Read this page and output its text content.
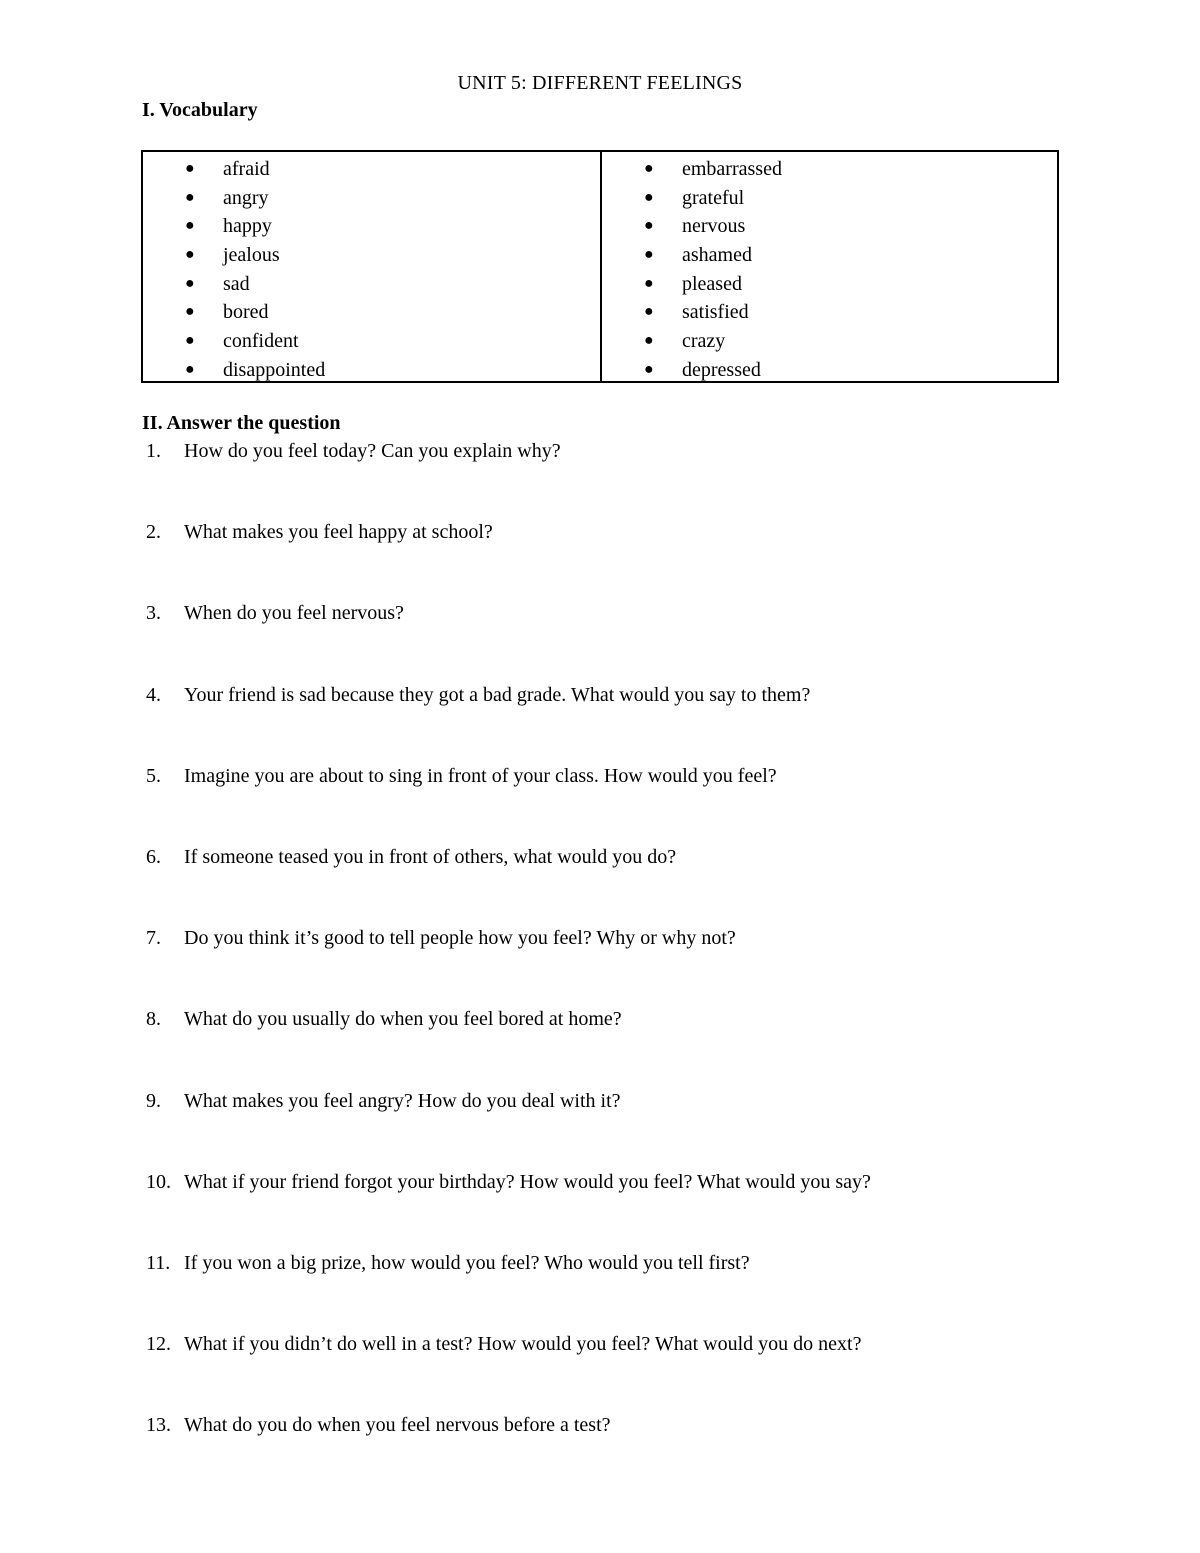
UNIT 5: DIFFERENT FEELINGS
I. Vocabulary
● afraid
● angry
● happy
● jealous
● sad
● bored
● confident
● disappointed
● embarrassed
● grateful
● nervous
● ashamed
● pleased
● satisfied
● crazy
● depressed
II. Answer the question
1. How do you feel today? Can you explain why?
2. What makes you feel happy at school?
3. When do you feel nervous?
4. Your friend is sad because they got a bad grade. What would you say to them?
5. Imagine you are about to sing in front of your class. How would you feel?
6. If someone teased you in front of others, what would you do?
7. Do you think it’s good to tell people how you feel? Why or why not?
8. What do you usually do when you feel bored at home?
9. What makes you feel angry? How do you deal with it?
10. What if your friend forgot your birthday? How would you feel? What would you say?
11. If you won a big prize, how would you feel? Who would you tell first?
12. What if you didn’t do well in a test? How would you feel? What would you do next?
13. What do you do when you feel nervous before a test?
